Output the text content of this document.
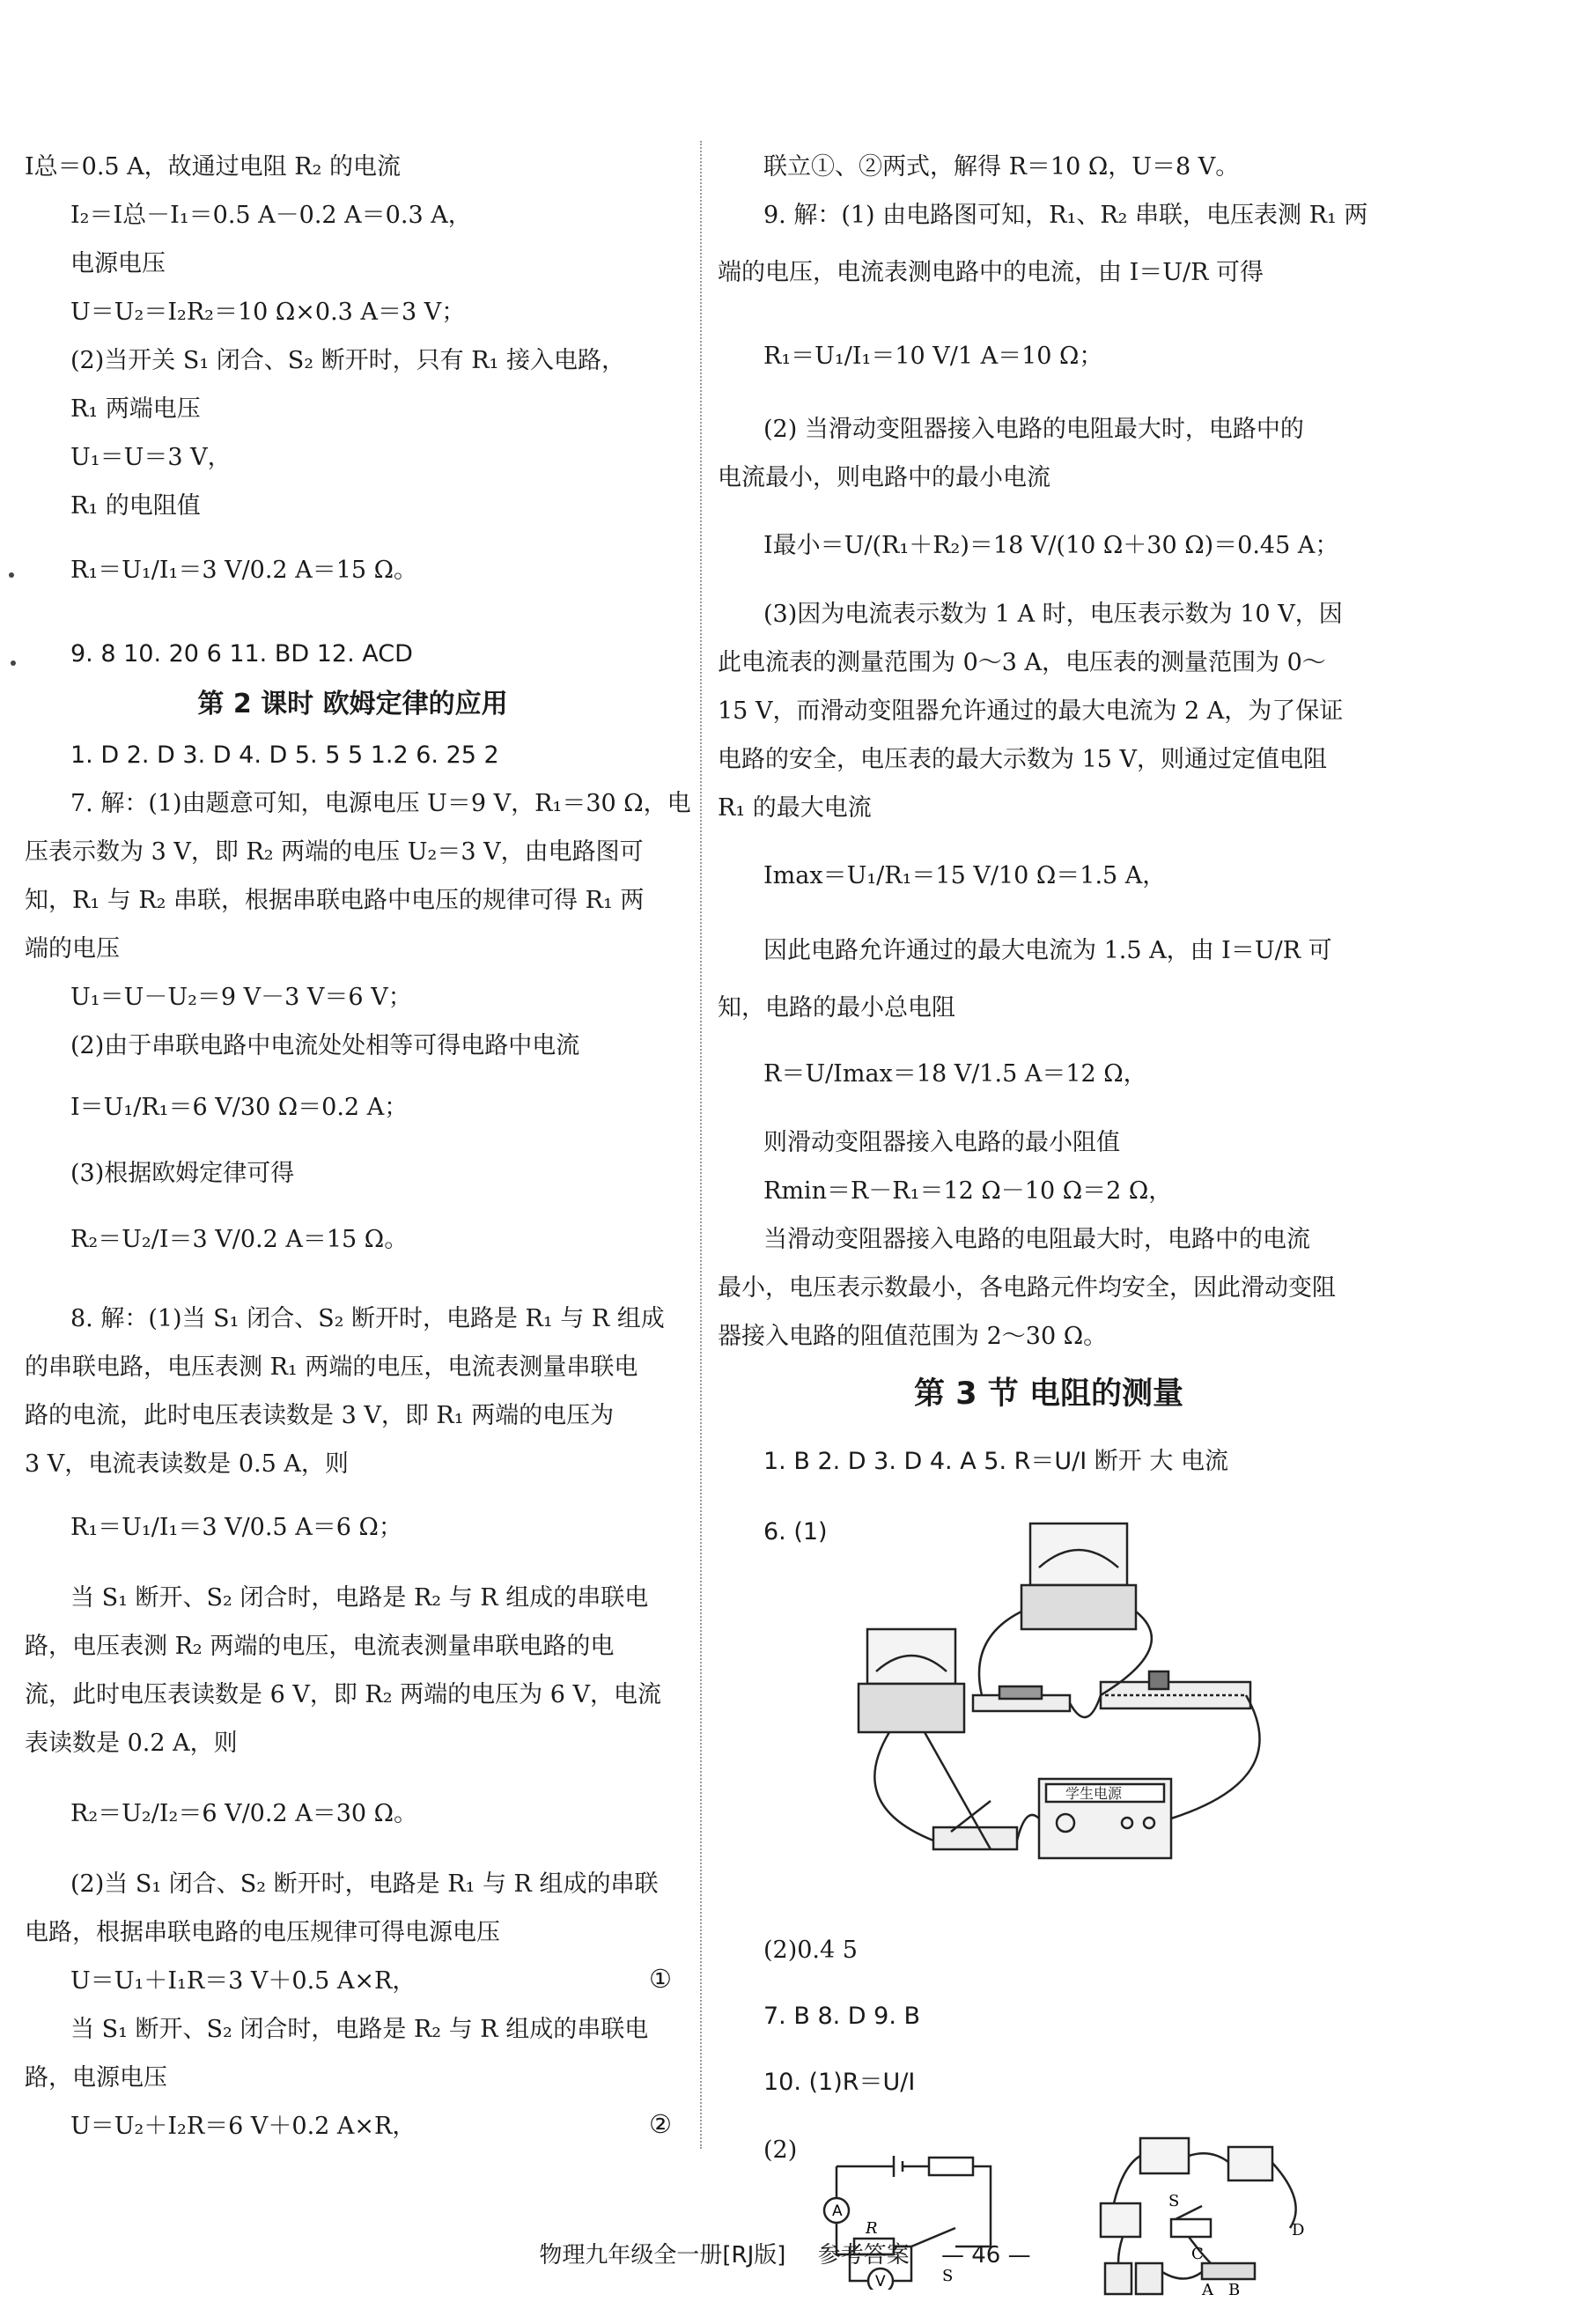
I总＝0.5 A，故通过电阻 R₂ 的电流
I₂＝I总－I₁＝0.5 A－0.2 A＝0.3 A，
电源电压
U＝U₂＝I₂R₂＝10 Ω×0.3 A＝3 V；
(2)当开关 S₁ 闭合、S₂ 断开时，只有 R₁ 接入电路，
R₁ 两端电压
U₁＝U＝3 V，
R₁ 的电阻值
R₁＝U₁/I₁＝3 V/0.2 A＝15 Ω。
9. 8 10. 20 6 11. BD 12. ACD
第 2 课时 欧姆定律的应用
1. D 2. D 3. D 4. D 5. 5 5 1.2 6. 25 2
7. 解：(1)由题意可知，电源电压 U＝9 V，R₁＝30 Ω，电
压表示数为 3 V，即 R₂ 两端的电压 U₂＝3 V，由电路图可
知，R₁ 与 R₂ 串联，根据串联电路中电压的规律可得 R₁ 两
端的电压
U₁＝U－U₂＝9 V－3 V＝6 V；
(2)由于串联电路中电流处处相等可得电路中电流
I＝U₁/R₁＝6 V/30 Ω＝0.2 A；
(3)根据欧姆定律可得
R₂＝U₂/I＝3 V/0.2 A＝15 Ω。
8. 解：(1)当 S₁ 闭合、S₂ 断开时，电路是 R₁ 与 R 组成
的串联电路，电压表测 R₁ 两端的电压，电流表测量串联电
路的电流，此时电压表读数是 3 V，即 R₁ 两端的电压为
3 V，电流表读数是 0.5 A，则
R₁＝U₁/I₁＝3 V/0.5 A＝6 Ω；
当 S₁ 断开、S₂ 闭合时，电路是 R₂ 与 R 组成的串联电
路，电压表测 R₂ 两端的电压，电流表测量串联电路的电
流，此时电压表读数是 6 V，即 R₂ 两端的电压为 6 V，电流
表读数是 0.2 A，则
R₂＝U₂/I₂＝6 V/0.2 A＝30 Ω。
(2)当 S₁ 闭合、S₂ 断开时，电路是 R₁ 与 R 组成的串联
电路，根据串联电路的电压规律可得电源电压
U＝U₁＋I₁R＝3 V＋0.5 A×R，	①
当 S₁ 断开、S₂ 闭合时，电路是 R₂ 与 R 组成的串联电
路，电源电压
U＝U₂＋I₂R＝6 V＋0.2 A×R，	②
联立①、②两式，解得 R＝10 Ω，U＝8 V。
9. 解：(1) 由电路图可知，R₁、R₂ 串联，电压表测 R₁ 两
端的电压，电流表测电路中的电流，由 I＝U/R 可得
R₁＝U₁/I₁＝10 V/1 A＝10 Ω；
(2) 当滑动变阻器接入电路的电阻最大时，电路中的
电流最小，则电路中的最小电流
I最小＝U/(R₁＋R₂)＝18 V/(10 Ω＋30 Ω)＝0.45 A；
(3)因为电流表示数为 1 A 时，电压表示数为 10 V，因
此电流表的测量范围为 0～3 A，电压表的测量范围为 0～
15 V，而滑动变阻器允许通过的最大电流为 2 A，为了保证
电路的安全，电压表的最大示数为 15 V，则通过定值电阻
R₁ 的最大电流
Imax＝U₁/R₁＝15 V/10 Ω＝1.5 A，
因此电路允许通过的最大电流为 1.5 A，由 I＝U/R 可
知，电路的最小总电阻
R＝U/Imax＝18 V/1.5 A＝12 Ω，
则滑动变阻器接入电路的最小阻值
Rmin＝R－R₁＝12 Ω－10 Ω＝2 Ω，
当滑动变阻器接入电路的电阻最大时，电路中的电流
最小，电压表示数最小，各电路元件均安全，因此滑动变阻
器接入电路的阻值范围为 2～30 Ω。
第 3 节 电阻的测量
1. B 2. D 3. D 4. A 5. R＝U/I 断开 大 电流
6. (1)
学生电源
(2)0.4 5
7. B 8. D 9. B
10. (1)R＝U/I
(2)
A
V
R
S
S
C
D
A B
物理九年级全一册[RJ版] 参考答案 — 46 —
